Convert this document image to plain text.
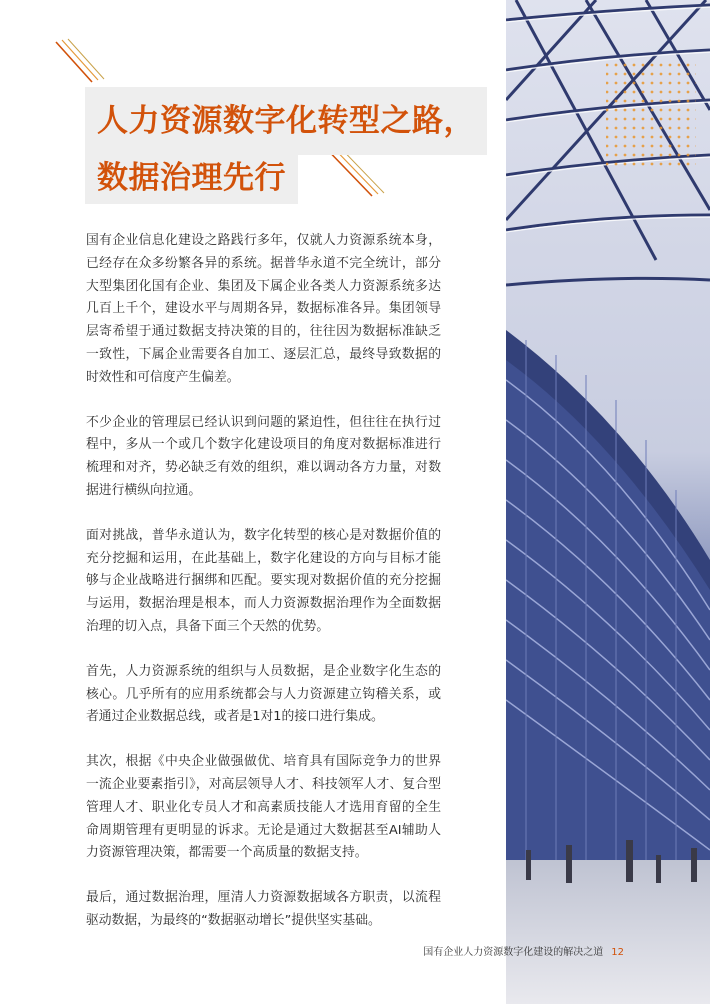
人力资源数字化转型之路，
数据治理先行

国有企业信息化建设之路践行多年，仅就人力资源系统本身，已经存在众多纷繁各异的系统。据普华永道不完全统计，部分大型集团化国有企业、集团及下属企业各类人力资源系统多达几百上千个，建设水平与周期各异，数据标准各异。集团领导层寄希望于通过数据支持决策的目的，往往因为数据标准缺乏一致性，下属企业需要各自加工、逐层汇总，最终导致数据的时效性和可信度产生偏差。

不少企业的管理层已经认识到问题的紧迫性，但往往在执行过程中，多从一个或几个数字化建设项目的角度对数据标准进行梳理和对齐，势必缺乏有效的组织，难以调动各方力量，对数据进行横纵向拉通。

面对挑战，普华永道认为，数字化转型的核心是对数据价值的充分挖掘和运用，在此基础上，数字化建设的方向与目标才能够与企业战略进行捆绑和匹配。要实现对数据价值的充分挖掘与运用，数据治理是根本，而人力资源数据治理作为全面数据治理的切入点，具备下面三个天然的优势。

首先，人力资源系统的组织与人员数据，是企业数字化生态的核心。几乎所有的应用系统都会与人力资源建立钩稽关系，或者通过企业数据总线，或者是1对1的接口进行集成。

其次，根据《中央企业做强做优、培育具有国际竞争力的世界一流企业要素指引》，对高层领导人才、科技领军人才、复合型管理人才、职业化专员人才和高素质技能人才选用育留的全生命周期管理有更明显的诉求。无论是通过大数据甚至AI辅助人力资源管理决策，都需要一个高质量的数据支持。

最后，通过数据治理，厘清人力资源数据域各方职责，以流程驱动数据，为最终的“数据驱动增长”提供坚实基础。

国有企业人力资源数字化建设的解决之道 12
